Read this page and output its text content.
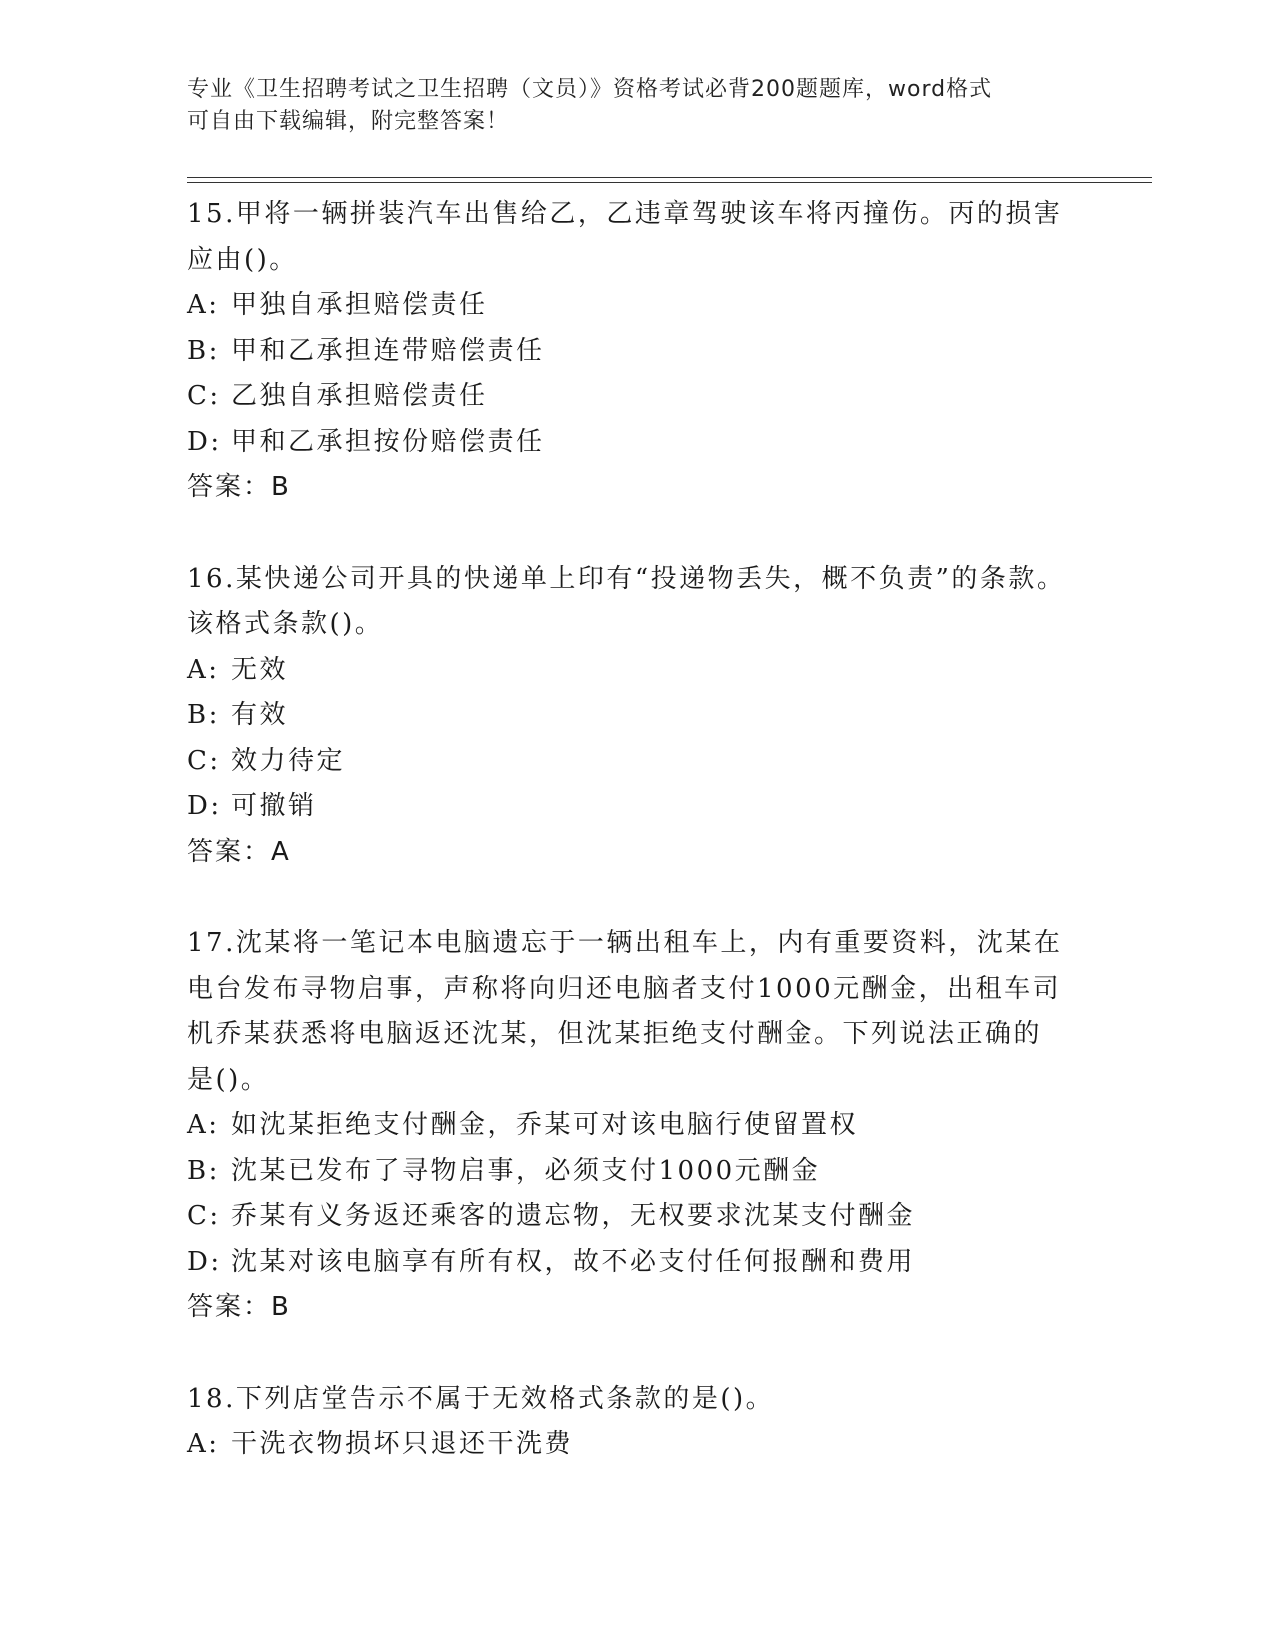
专业《卫生招聘考试之卫生招聘（文员）》资格考试必背200题题库，word格式
可自由下载编辑，附完整答案！

15.甲将一辆拼装汽车出售给乙，乙违章驾驶该车将丙撞伤。丙的损害应由()。

A: 甲独自承担赔偿责任
B: 甲和乙承担连带赔偿责任
C: 乙独自承担赔偿责任
D: 甲和乙承担按份赔偿责任
答案：B

16.某快递公司开具的快递单上印有“投递物丢失，概不负责”的条款。该格式条款()。

A: 无效
B: 有效
C: 效力待定
D: 可撤销
答案：A

17.沈某将一笔记本电脑遗忘于一辆出租车上，内有重要资料，沈某在电台发布寻物启事，声称将向归还电脑者支付1000元酬金，出租车司机乔某获悉将电脑返还沈某，但沈某拒绝支付酬金。下列说法正确的是()。

A: 如沈某拒绝支付酬金，乔某可对该电脑行使留置权
B: 沈某已发布了寻物启事，必须支付1000元酬金
C: 乔某有义务返还乘客的遗忘物，无权要求沈某支付酬金
D: 沈某对该电脑享有所有权，故不必支付任何报酬和费用
答案：B

18.下列店堂告示不属于无效格式条款的是()。

A: 干洗衣物损坏只退还干洗费
